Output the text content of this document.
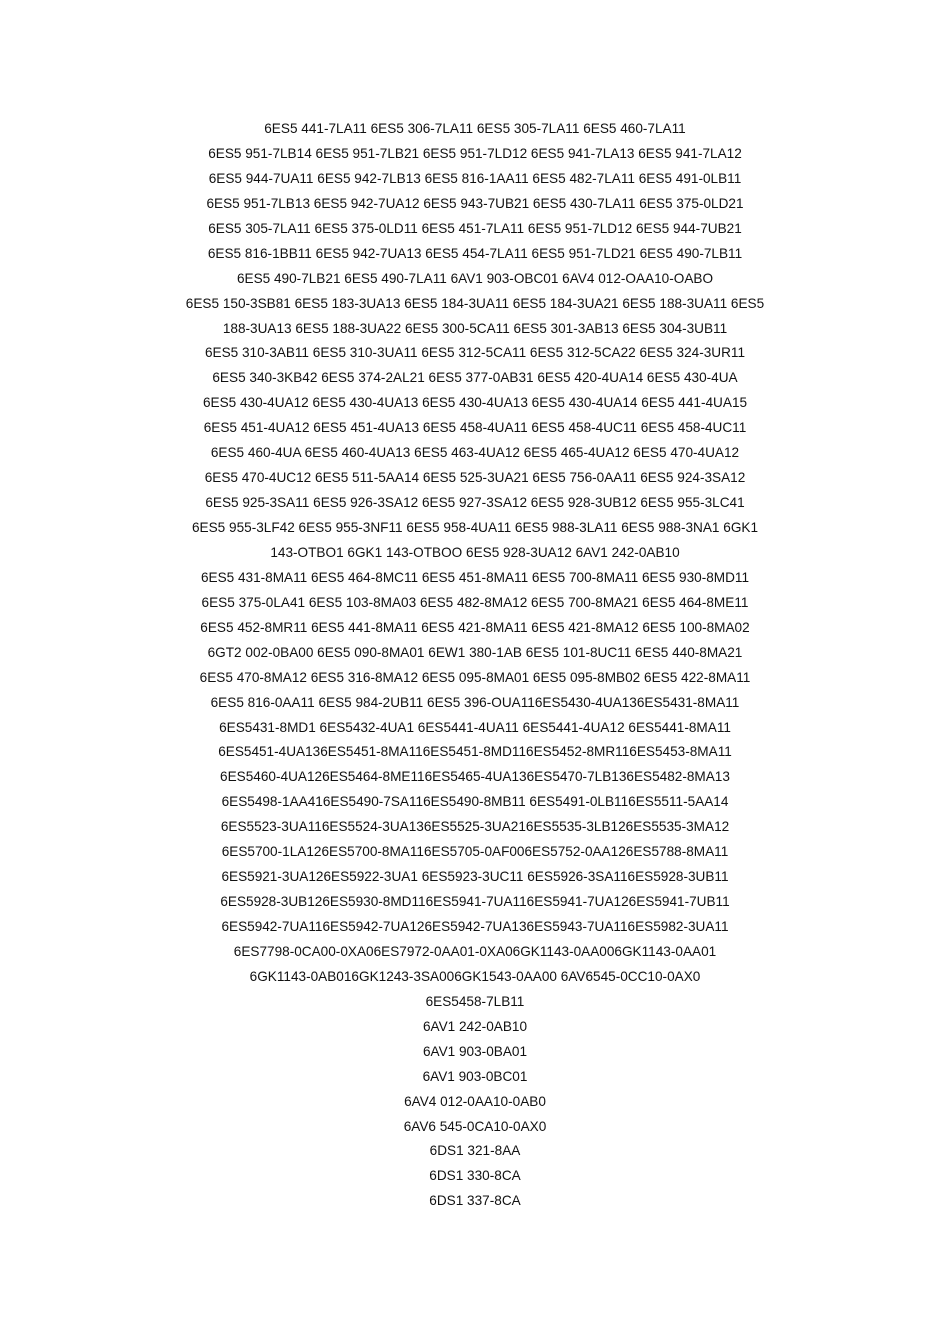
6ES5 441-7LA11 6ES5 306-7LA11 6ES5 305-7LA11 6ES5 460-7LA11
6ES5 951-7LB14 6ES5 951-7LB21 6ES5 951-7LD12 6ES5 941-7LA13 6ES5 941-7LA12
6ES5 944-7UA11 6ES5 942-7LB13 6ES5 816-1AA11 6ES5 482-7LA11 6ES5 491-0LB11
6ES5 951-7LB13 6ES5 942-7UA12 6ES5 943-7UB21 6ES5 430-7LA11 6ES5 375-0LD21
6ES5 305-7LA11 6ES5 375-0LD11 6ES5 451-7LA11 6ES5 951-7LD12 6ES5 944-7UB21
6ES5 816-1BB11 6ES5 942-7UA13 6ES5 454-7LA11 6ES5 951-7LD21 6ES5 490-7LB11
6ES5 490-7LB21 6ES5 490-7LA11 6AV1 903-OBC01 6AV4 012-OAA10-OABO
6ES5 150-3SB81 6ES5 183-3UA13 6ES5 184-3UA11 6ES5 184-3UA21 6ES5 188-3UA11 6ES5
188-3UA13 6ES5 188-3UA22 6ES5 300-5CA11 6ES5 301-3AB13 6ES5 304-3UB11
6ES5 310-3AB11 6ES5 310-3UA11 6ES5 312-5CA11 6ES5 312-5CA22 6ES5 324-3UR11
6ES5 340-3KB42 6ES5 374-2AL21 6ES5 377-0AB31 6ES5 420-4UA14 6ES5 430-4UA
6ES5 430-4UA12 6ES5 430-4UA13 6ES5 430-4UA13 6ES5 430-4UA14 6ES5 441-4UA15
6ES5 451-4UA12 6ES5 451-4UA13 6ES5 458-4UA11 6ES5 458-4UC11 6ES5 458-4UC11
6ES5 460-4UA 6ES5 460-4UA13 6ES5 463-4UA12 6ES5 465-4UA12 6ES5 470-4UA12
6ES5 470-4UC12 6ES5 511-5AA14 6ES5 525-3UA21 6ES5 756-0AA11 6ES5 924-3SA12
6ES5 925-3SA11 6ES5 926-3SA12 6ES5 927-3SA12 6ES5 928-3UB12 6ES5 955-3LC41
6ES5 955-3LF42 6ES5 955-3NF11 6ES5 958-4UA11 6ES5 988-3LA11 6ES5 988-3NA1 6GK1
143-OTBO1 6GK1 143-OTBOO 6ES5 928-3UA12 6AV1 242-0AB10
6ES5 431-8MA11 6ES5 464-8MC11 6ES5 451-8MA11 6ES5 700-8MA11 6ES5 930-8MD11
6ES5 375-0LA41 6ES5 103-8MA03 6ES5 482-8MA12 6ES5 700-8MA21 6ES5 464-8ME11
6ES5 452-8MR11 6ES5 441-8MA11 6ES5 421-8MA11 6ES5 421-8MA12 6ES5 100-8MA02
6GT2 002-0BA00 6ES5 090-8MA01 6EW1 380-1AB 6ES5 101-8UC11 6ES5 440-8MA21
6ES5 470-8MA12 6ES5 316-8MA12 6ES5 095-8MA01 6ES5 095-8MB02 6ES5 422-8MA11
6ES5 816-0AA11 6ES5 984-2UB11 6ES5 396-OUA116ES5430-4UA136ES5431-8MA11
6ES5431-8MD1 6ES5432-4UA1 6ES5441-4UA11 6ES5441-4UA12 6ES5441-8MA11
6ES5451-4UA136ES5451-8MA116ES5451-8MD116ES5452-8MR116ES5453-8MA11
6ES5460-4UA126ES5464-8ME116ES5465-4UA136ES5470-7LB136ES5482-8MA13
6ES5498-1AA416ES5490-7SA116ES5490-8MB11 6ES5491-0LB116ES5511-5AA14
6ES5523-3UA116ES5524-3UA136ES5525-3UA216ES5535-3LB126ES5535-3MA12
6ES5700-1LA126ES5700-8MA116ES5705-0AF006ES5752-0AA126ES5788-8MA11
6ES5921-3UA126ES5922-3UA1 6ES5923-3UC11 6ES5926-3SA116ES5928-3UB11
6ES5928-3UB126ES5930-8MD116ES5941-7UA116ES5941-7UA126ES5941-7UB11
6ES5942-7UA116ES5942-7UA126ES5942-7UA136ES5943-7UA116ES5982-3UA11
6ES7798-0CA00-0XA06ES7972-0AA01-0XA06GK1143-0AA006GK1143-0AA01
6GK1143-0AB016GK1243-3SA006GK1543-0AA00 6AV6545-0CC10-0AX0
6ES5458-7LB11
6AV1 242-0AB10
6AV1 903-0BA01
6AV1 903-0BC01
6AV4 012-0AA10-0AB0
6AV6 545-0CA10-0AX0
6DS1 321-8AA
6DS1 330-8CA
6DS1 337-8CA
